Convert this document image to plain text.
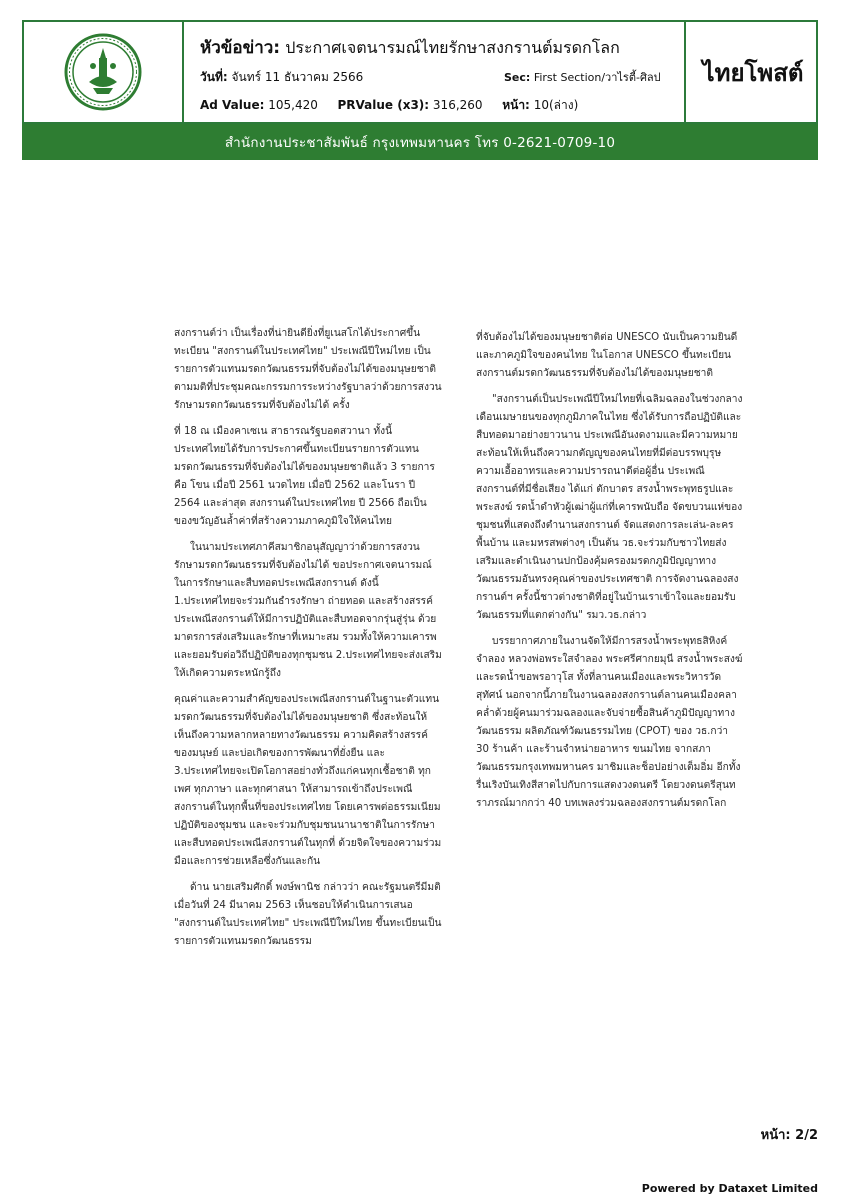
หัวข้อข่าว: ประกาศเจตนารมณ์ไทยรักษาสงกรานต์มรดกโลก
วันที่: จันทร์ 11 ธันวาคม 2566	Sec: First Section/วาไรตี้-ศิลป
Ad Value: 105,420 PRValue (x3): 316,260 หน้า: 10(ล่าง)
ไทยโพสต์
สำนักงานประชาสัมพันธ์ กรุงเทพมหานคร โทร 0-2621-0709-10

สงกรานต์ว่า เป็นเรื่องที่น่ายินดียิ่งที่ยูเนสโกได้ประกาศขึ้นทะเบียน "สงกรานต์ในประเทศไทย" ประเพณีปีใหม่ไทย เป็นรายการตัวแทนมรดกวัฒนธรรมที่จับต้องไม่ได้ของมนุษยชาติ ตามมติที่ประชุมคณะกรรมการระหว่างรัฐบาลว่าด้วยการสงวนรักษามรดกวัฒนธรรมที่จับต้องไม่ได้ ครั้ง

ที่ 18 ณ เมืองคาเซเน สาธารณรัฐบอตสวานา ทั้งนี้ประเทศไทยได้รับการประกาศขึ้นทะเบียนรายการตัวแทนมรดกวัฒนธรรมที่จับต้องไม่ได้ของมนุษยชาติแล้ว 3 รายการ คือ โขน เมื่อปี 2561 นวดไทย เมื่อปี 2562 และโนรา ปี 2564 และล่าสุด สงกรานต์ในประเทศไทย ปี 2566 ถือเป็นของขวัญอันล้ำค่าที่สร้างความภาคภูมิใจให้คนไทย

ในนามประเทศภาคีสมาชิกอนุสัญญาว่าด้วยการสงวนรักษามรดกวัฒนธรรมที่จับต้องไม่ได้ ขอประกาศเจตนารมณ์ในการรักษาและสืบทอดประเพณีสงกรานต์ ดังนี้ 1.ประเทศไทยจะร่วมกันธำรงรักษา ถ่ายทอด และสร้างสรรค์ประเพณีสงกรานต์ให้มีการปฏิบัติและสืบทอดจากรุ่นสู่รุ่น ด้วยมาตรการส่งเสริมและรักษาที่เหมาะสม รวมทั้งให้ความเคารพและยอมรับต่อวิถีปฏิบัติของทุกชุมชน 2.ประเทศไทยจะส่งเสริมให้เกิดความตระหนักรู้ถึง

คุณค่าและความสำคัญของประเพณีสงกรานต์ในฐานะตัวแทนมรดกวัฒนธรรมที่จับต้องไม่ได้ของมนุษยชาติ ซึ่งสะท้อนให้เห็นถึงความหลากหลายทางวัฒนธรรม ความคิดสร้างสรรค์ของมนุษย์ และบ่อเกิดของการพัฒนาที่ยั่งยืน และ 3.ประเทศไทยจะเปิดโอกาสอย่างทั่วถึงแก่คนทุกเชื้อชาติ ทุกเพศ ทุกภาษา และทุกศาสนา ให้สามารถเข้าถึงประเพณีสงกรานต์ในทุกพื้นที่ของประเทศไทย โดยเคารพต่อธรรมเนียมปฏิบัติของชุมชน และจะร่วมกับชุมชนนานาชาติในการรักษาและสืบทอดประเพณีสงกรานต์ในทุกที่ ด้วยจิตใจของความร่วมมือและการช่วยเหลือซึ่งกันและกัน

ด้าน นายเสริมศักดิ์ พงษ์พานิช กล่าวว่า คณะรัฐมนตรีมีมติเมื่อวันที่ 24 มีนาคม 2563 เห็นชอบให้ดำเนินการเสนอ "สงกรานต์ในประเทศไทย" ประเพณีปีใหม่ไทย ขึ้นทะเบียนเป็นรายการตัวแทนมรดกวัฒนธรรม

ที่จับต้องไม่ได้ของมนุษยชาติต่อ UNESCO นับเป็นความยินดีและภาคภูมิใจของคนไทย ในโอกาส UNESCO ขึ้นทะเบียนสงกรานต์มรดกวัฒนธรรมที่จับต้องไม่ได้ของมนุษยชาติ

"สงกรานต์เป็นประเพณีปีใหม่ไทยที่เฉลิมฉลองในช่วงกลางเดือนเมษายนของทุกภูมิภาคในไทย ซึ่งได้รับการถือปฏิบัติและสืบทอดมาอย่างยาวนาน ประเพณีอันงดงามและมีความหมาย สะท้อนให้เห็นถึงความกตัญญูของคนไทยที่มีต่อบรรพบุรุษ ความเอื้ออาทรและความปรารถนาดีต่อผู้อื่น ประเพณีสงกรานต์ที่มีชื่อเสียง ได้แก่ ตักบาตร สรงน้ำพระพุทธรูปและพระสงฆ์ รดน้ำดำหัวผู้เฒ่าผู้แก่ที่เคารพนับถือ จัดขบวนแห่ของชุมชนที่แสดงถึงตำนานสงกรานต์ จัดแสดงการละเล่น-ละครพื้นบ้าน และมหรสพต่างๆ เป็นต้น วธ.จะร่วมกับชาวไทยส่งเสริมและดำเนินงานปกป้องคุ้มครองมรดกภูมิปัญญาทางวัฒนธรรมอันทรงคุณค่าของประเทศชาติ การจัดงานฉลองสงกรานต์ฯ ครั้งนี้ชาวต่างชาติที่อยู่ในบ้านเราเข้าใจและยอมรับวัฒนธรรมที่แตกต่างกัน" รมว.วธ.กล่าว

บรรยากาศภายในงานจัดให้มีการสรงน้ำพระพุทธสิหิงค์จำลอง หลวงพ่อพระใสจำลอง พระศรีศากยมุนี สรงน้ำพระสงฆ์และรดน้ำขอพรอาวุโส ทั้งที่ลานคนเมืองและพระวิหารวัดสุทัศน์ นอกจากนี้ภายในงานฉลองสงกรานต์ลานคนเมืองคลาคล่ำด้วยผู้คนมาร่วมฉลองและจับจ่ายซื้อสินค้าภูมิปัญญาทางวัฒนธรรม ผลิตภัณฑ์วัฒนธรรมไทย (CPOT) ของ วธ.กว่า 30 ร้านค้า และร้านจำหน่ายอาหาร ขนมไทย จากสภาวัฒนธรรมกรุงเทพมหานคร มาชิมและช็อปอย่างเต็มอิ่ม อีกทั้งรื่นเริงบันเทิงสีสาดไปกับการแสดงวงดนตรี โดยวงดนตรีสุนทราภรณ์มากกว่า 40 บทเพลงร่วมฉลองสงกรานต์มรดกโลก

หน้า: 2/2
Powered by Dataxet Limited
